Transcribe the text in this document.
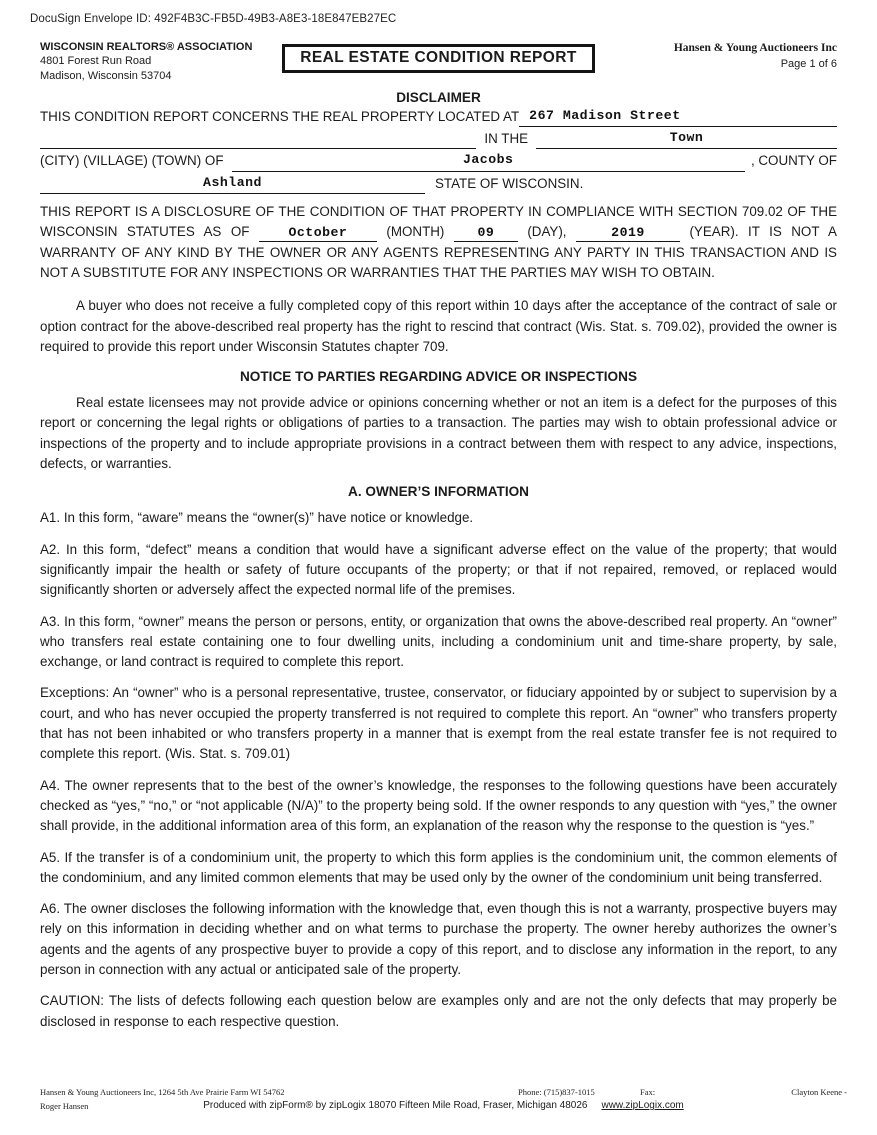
DocuSign Envelope ID: 492F4B3C-FB5D-49B3-A8E3-18E847EB27EC
WISCONSIN REALTORS® ASSOCIATION
4801 Forest Run Road
Madison, Wisconsin 53704
REAL ESTATE CONDITION REPORT
Hansen & Young Auctioneers Inc
Page 1 of 6
DISCLAIMER
THIS CONDITION REPORT CONCERNS THE REAL PROPERTY LOCATED AT 267 Madison Street
IN THE	Town
(CITY) (VILLAGE) (TOWN) OF	Jacobs	, COUNTY OF
Ashland	STATE OF WISCONSIN.

THIS REPORT IS A DISCLOSURE OF THE CONDITION OF THAT PROPERTY IN COMPLIANCE WITH SECTION 709.02 OF THE WISCONSIN STATUTES AS OF	October	(MONTH)	09 (DAY),	2019	(YEAR). IT IS NOT A WARRANTY OF ANY KIND BY THE OWNER OR ANY AGENTS REPRESENTING ANY PARTY IN THIS TRANSACTION AND IS NOT A SUBSTITUTE FOR ANY INSPECTIONS OR WARRANTIES THAT THE PARTIES MAY WISH TO OBTAIN.

A buyer who does not receive a fully completed copy of this report within 10 days after the acceptance of the contract of sale or option contract for the above-described real property has the right to rescind that contract (Wis. Stat. s. 709.02), provided the owner is required to provide this report under Wisconsin Statutes chapter 709.

NOTICE TO PARTIES REGARDING ADVICE OR INSPECTIONS

Real estate licensees may not provide advice or opinions concerning whether or not an item is a defect for the purposes of this report or concerning the legal rights or obligations of parties to a transaction. The parties may wish to obtain professional advice or inspections of the property and to include appropriate provisions in a contract between them with respect to any advice, inspections, defects, or warranties.

A. OWNER’S INFORMATION

A1. In this form, “aware” means the “owner(s)” have notice or knowledge.

A2. In this form, “defect” means a condition that would have a significant adverse effect on the value of the property; that would significantly impair the health or safety of future occupants of the property; or that if not repaired, removed, or replaced would significantly shorten or adversely affect the expected normal life of the premises.

A3. In this form, “owner” means the person or persons, entity, or organization that owns the above-described real property. An “owner” who transfers real estate containing one to four dwelling units, including a condominium unit and time-share property, by sale, exchange, or land contract is required to complete this report.

Exceptions: An “owner” who is a personal representative, trustee, conservator, or fiduciary appointed by or subject to supervision by a court, and who has never occupied the property transferred is not required to complete this report. An “owner” who transfers property that has not been inhabited or who transfers property in a manner that is exempt from the real estate transfer fee is not required to complete this report. (Wis. Stat. s. 709.01)

A4. The owner represents that to the best of the owner’s knowledge, the responses to the following questions have been accurately checked as “yes,” “no,” or “not applicable (N/A)” to the property being sold. If the owner responds to any question with “yes,” the owner shall provide, in the additional information area of this form, an explanation of the reason why the response to the question is “yes.”

A5. If the transfer is of a condominium unit, the property to which this form applies is the condominium unit, the common elements of the condominium, and any limited common elements that may be used only by the owner of the condominium unit being transferred.

A6. The owner discloses the following information with the knowledge that, even though this is not a warranty, prospective buyers may rely on this information in deciding whether and on what terms to purchase the property. The owner hereby authorizes the owner’s agents and the agents of any prospective buyer to provide a copy of this report, and to disclose any information in the report, to any person in connection with any actual or anticipated sale of the property.

CAUTION: The lists of defects following each question below are examples only and are not the only defects that may properly be disclosed in response to each respective question.

Hansen & Young Auctioneers Inc, 1264 5th Ave Prairie Farm WI 54762	Phone: (715)837-1015	Fax:	Clayton Keene -
Roger Hansen	Produced with zipForm® by zipLogix 18070 Fifteen Mile Road, Fraser, Michigan 48026 www.zipLogix.com
